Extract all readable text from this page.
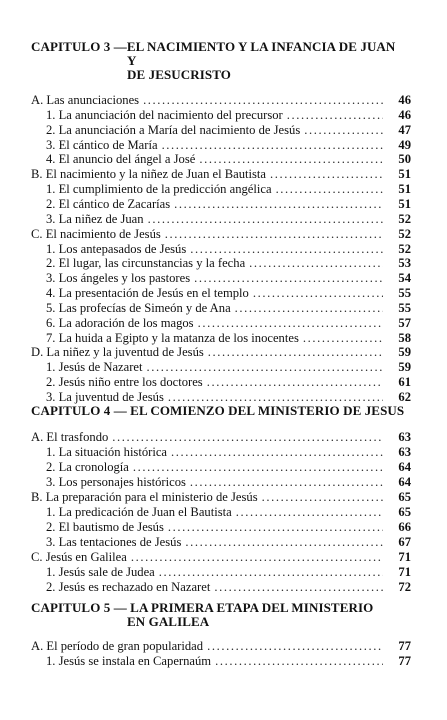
CAPITULO 3 —EL NACIMIENTO Y LA INFANCIA DE JUAN
Y
DE JESUCRISTO
A. Las anunciaciones .....	46
1. La anunciación del nacimiento del precursor .....	46
2. La anunciación a María del nacimiento de Jesús .....	47
3. El cántico de María .....	49
4. El anuncio del ángel a José .....	50
B. El nacimiento y la niñez de Juan el Bautista .....	51
1. El cumplimiento de la predicción angélica .....	51
2. El cántico de Zacarías .....	51
3. La niñez de Juan .....	52
C. El nacimiento de Jesús .....	52
1. Los antepasados de Jesús .....	52
2. El lugar, las circunstancias y la fecha .....	53
3. Los ángeles y los pastores .....	54
4. La presentación de Jesús en el templo .....	55
5. Las profecías de Simeón y de Ana .....	55
6. La adoración de los magos .....	57
7. La huida a Egipto y la matanza de los inocentes .....	58
D. La niñez y la juventud de Jesús .....	59
1. Jesús de Nazaret .....	59
2. Jesús niño entre los doctores .....	61
3. La juventud de Jesús .....	62
CAPITULO 4 — EL COMIENZO DEL MINISTERIO DE JESUS
A. El trasfondo .....	63
1. La situación histórica .....	63
2. La cronología .....	64
3. Los personajes históricos .....	64
B. La preparación para el ministerio de Jesús .....	65
1. La predicación de Juan el Bautista .....	65
2. El bautismo de Jesús .....	66
3. Las tentaciones de Jesús .....	67
C. Jesús en Galilea .....	71
1. Jesús sale de Judea .....	71
2. Jesús es rechazado en Nazaret .....	72
CAPITULO 5 — LA PRIMERA ETAPA DEL MINISTERIO
EN GALILEA
A. El período de gran popularidad .....	77
1. Jesús se instala en Capernaúm .....	77
